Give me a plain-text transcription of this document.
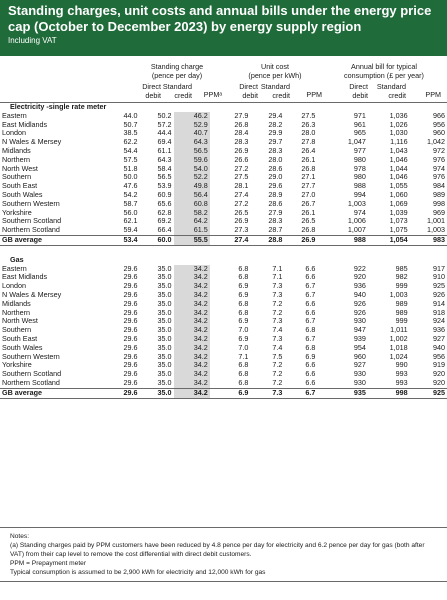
Standing charges, unit costs and annual bills under the energy price cap (October to December 2023) by energy supply region
Including VAT
Standing charge
(pence per day)
Unit cost
(pence per kWh)
Annual bill for typical
consumption (£ per year)
Direct
debit
Standard
credit PPMᵃ
Direct
debit
Standard
credit PPM
Direct
debit
Standard
credit	PPM
Electricity -single rate meter									
Eastern	44.0	50.2	46.2	27.9	29.4	27.5	971	1,036	966
East Midlands	50.7	57.2	52.9	26.8	28.2	26.3	961	1,026	956
London	38.5	44.4	40.7	28.4	29.9	28.0	965	1,030	960
N Wales & Mersey	62.2	69.4	64.3	28.3	29.7	27.8	1,047	1,116	1,042
Midlands	54.4	61.1	56.5	26.9	28.3	26.4	977	1,043	972
Northern	57.5	64.3	59.6	26.6	28.0	26.1	980	1,046	976
North West	51.8	58.4	54.0	27.2	28.6	26.8	978	1,044	974
Southern	50.0	56.5	52.2	27.5	29.0	27.1	980	1,046	976
South East	47.6	53.9	49.8	28.1	29.6	27.7	988	1,055	984
South Wales	54.2	60.9	56.4	27.4	28.9	27.0	994	1,060	989
Southern Western	58.7	65.6	60.8	27.2	28.6	26.7	1,003	1,069	998
Yorkshire	56.0	62.8	58.2	26.5	27.9	26.1	974	1,039	969
Southern Scotland	62.1	69.2	64.2	26.9	28.3	26.5	1,006	1,073	1,001
Northern Scotland	59.4	66.4	61.5	27.3	28.7	26.8	1,007	1,075	1,003
GB average	53.4	60.0	55.5	27.4	28.8	26.9	988	1,054	983

Gas									
Eastern	29.6	35.0	34.2	6.8	7.1	6.6	922	985	917
East Midlands	29.6	35.0	34.2	6.8	7.1	6.6	920	982	910
London	29.6	35.0	34.2	6.9	7.3	6.7	936	999	925
N Wales & Mersey	29.6	35.0	34.2	6.9	7.3	6.7	940	1,003	926
Midlands	29.6	35.0	34.2	6.8	7.2	6.6	926	989	914
Northern	29.6	35.0	34.2	6.8	7.2	6.6	926	989	918
North West	29.6	35.0	34.2	6.9	7.3	6.7	930	999	924
Southern	29.6	35.0	34.2	7.0	7.4	6.8	947	1,011	936
South East	29.6	35.0	34.2	6.9	7.3	6.7	939	1,002	927
South Wales	29.6	35.0	34.2	7.0	7.4	6.8	954	1,018	940
Southern Western	29.6	35.0	34.2	7.1	7.5	6.9	960	1,024	956
Yorkshire	29.6	35.0	34.2	6.8	7.2	6.6	927	990	919
Southern Scotland	29.6	35.0	34.2	6.8	7.2	6.6	930	993	920
Northern Scotland	29.6	35.0	34.2	6.8	7.2	6.6	930	993	920
GB average	29.6	35.0	34.2	6.9	7.3	6.7	935	998	925
Notes:
(a) Standing charges paid by PPM customers have been reduced by 4.8 pence per day for electricity and 6.2 pence per day for gas (both after VAT) from their cap level to remove the cost differential with direct debit customers.
PPM = Prepayment meter
Typical consumption is assumed to be 2,900 kWh for electricity and 12,000 kWh for gas
